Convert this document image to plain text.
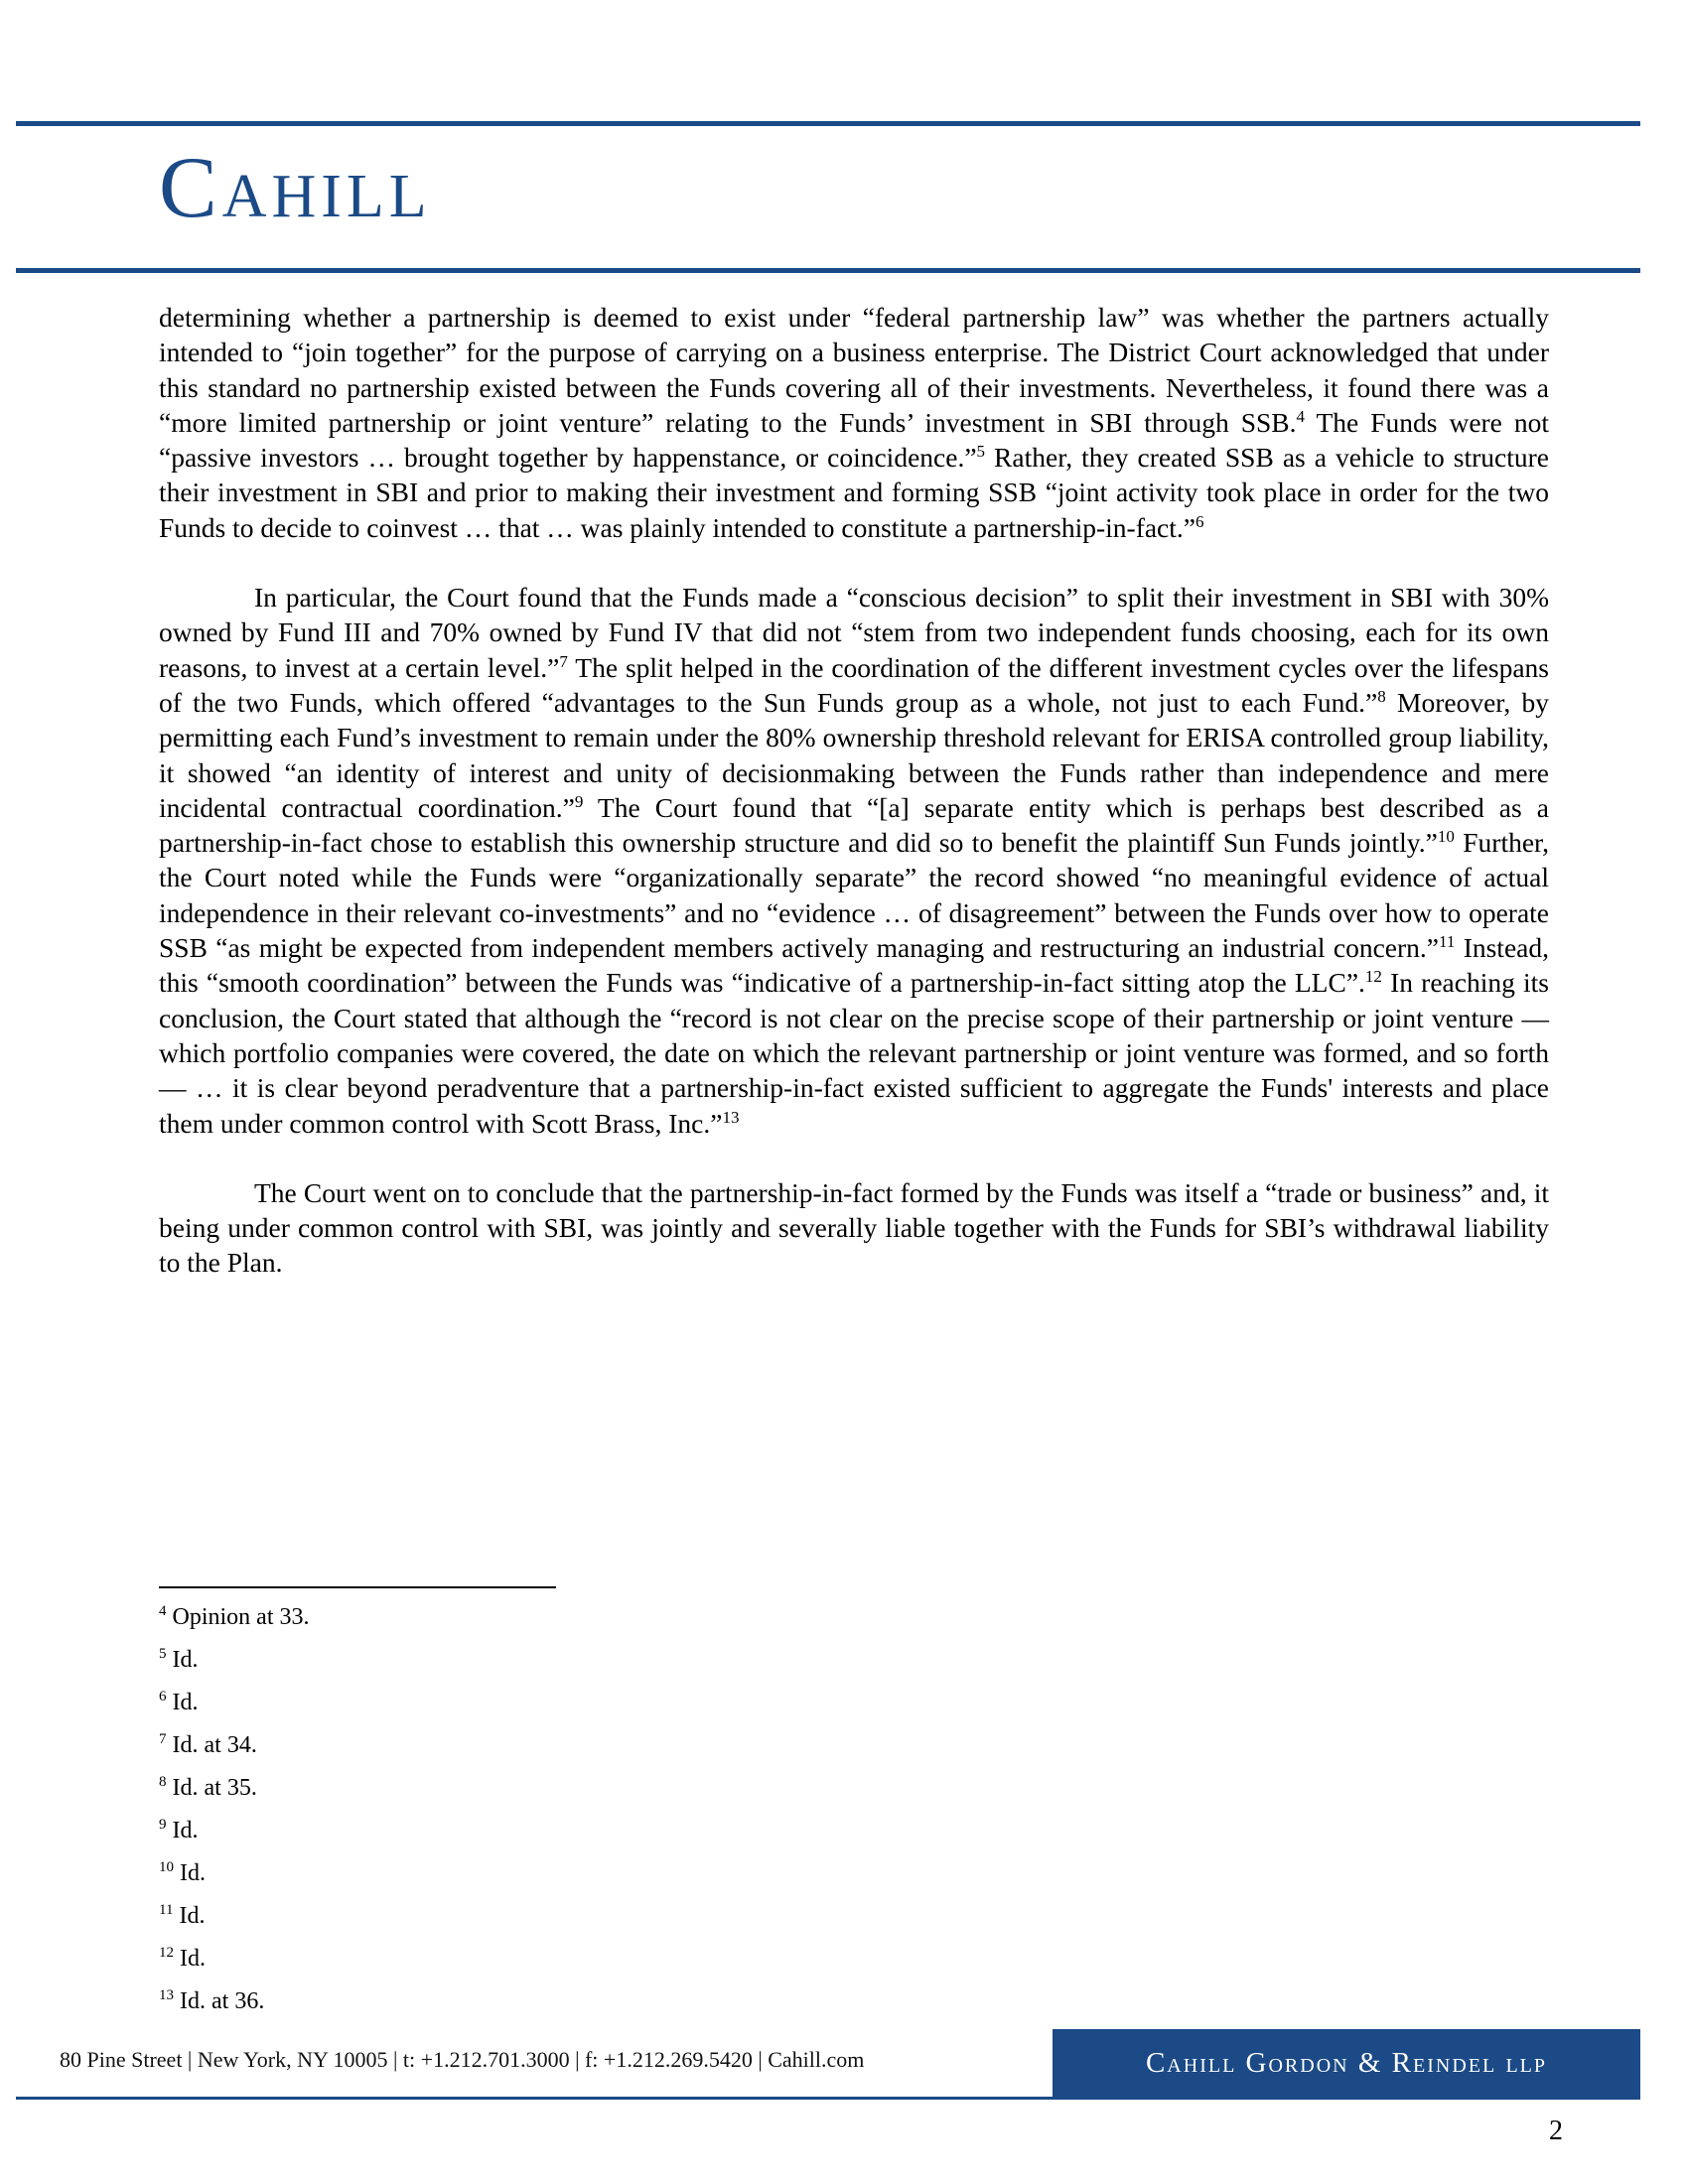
Cahill

determining whether a partnership is deemed to exist under “federal partnership law” was whether the partners actually intended to “join together” for the purpose of carrying on a business enterprise. The District Court acknowledged that under this standard no partnership existed between the Funds covering all of their investments. Nevertheless, it found there was a “more limited partnership or joint venture” relating to the Funds’ investment in SBI through SSB.$^4$ The Funds were not “passive investors … brought together by happenstance, or coincidence.”$^5$ Rather, they created SSB as a vehicle to structure their investment in SBI and prior to making their investment and forming SSB “joint activity took place in order for the two Funds to decide to coinvest … that … was plainly intended to constitute a partnership-in-fact.”$^6$

In particular, the Court found that the Funds made a “conscious decision” to split their investment in SBI with 30% owned by Fund III and 70% owned by Fund IV that did not “stem from two independent funds choosing, each for its own reasons, to invest at a certain level.”$^7$ The split helped in the coordination of the different investment cycles over the lifespans of the two Funds, which offered “advantages to the Sun Funds group as a whole, not just to each Fund.”$^8$ Moreover, by permitting each Fund’s investment to remain under the 80% ownership threshold relevant for ERISA controlled group liability, it showed “an identity of interest and unity of decisionmaking between the Funds rather than independence and mere incidental contractual coordination.”$^9$ The Court found that “[a] separate entity which is perhaps best described as a partnership-in-fact chose to establish this ownership structure and did so to benefit the plaintiff Sun Funds jointly.”$^{10}$ Further, the Court noted while the Funds were “organizationally separate” the record showed “no meaningful evidence of actual independence in their relevant co-investments” and no “evidence … of disagreement” between the Funds over how to operate SSB “as might be expected from independent members actively managing and restructuring an industrial concern.”$^{11}$ Instead, this “smooth coordination” between the Funds was “indicative of a partnership-in-fact sitting atop the LLC”.$^{12}$ In reaching its conclusion, the Court stated that although the “record is not clear on the precise scope of their partnership or joint venture — which portfolio companies were covered, the date on which the relevant partnership or joint venture was formed, and so forth — … it is clear beyond peradventure that a partnership-in-fact existed sufficient to aggregate the Funds' interests and place them under common control with Scott Brass, Inc.”$^{13}$

The Court went on to conclude that the partnership-in-fact formed by the Funds was itself a “trade or business” and, it being under common control with SBI, was jointly and severally liable together with the Funds for SBI’s withdrawal liability to the Plan.

$^4$ Opinion at 33.
$^5$ Id.
$^6$ Id.
$^7$ Id. at 34.
$^8$ Id. at 35.
$^9$ Id.
$^{10}$ Id.
$^{11}$ Id.
$^{12}$ Id.
$^{13}$ Id. at 36.
80 Pine Street | New York, NY 10005 | t: +1.212.701.3000 | f: +1.212.269.5420 | Cahill.com	Cahill Gordon & Reindel llp
2
